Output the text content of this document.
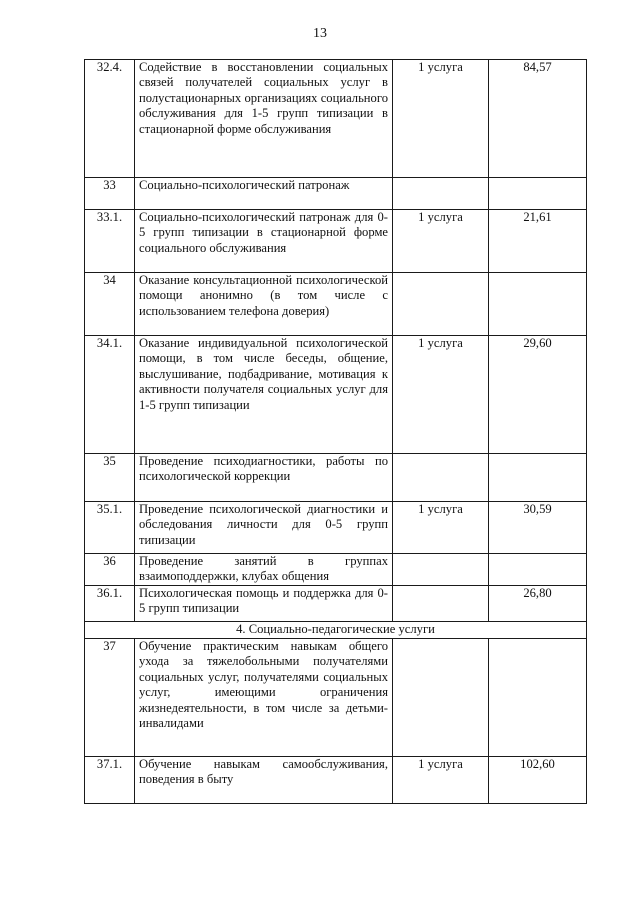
13
32.4.	Содействие в восстановлении социальных связей получателей социальных услуг в полустационарных организациях социального обслуживания для 1-5 групп типизации в стационарной форме обслуживания	1 услуга	84,57
33	Социально-психологический патронаж		
33.1.	Социально-психологический патронаж для 0-5 групп типизации в стационарной форме социального обслуживания	1 услуга	21,61
34	Оказание консультационной психологической помощи анонимно (в том числе с использованием телефона доверия)		
34.1.	Оказание индивидуальной психологической помощи, в том числе беседы, общение, выслушивание, подбадривание, мотивация к активности получателя социальных услуг для 1-5 групп типизации	1 услуга	29,60
35	Проведение психодиагностики, работы по психологической коррекции		
35.1.	Проведение психологической диагностики и обследования личности для 0-5 групп типизации	1 услуга	30,59
36	Проведение занятий в группах взаимоподдержки, клубах общения		
36.1.	Психологическая помощь и поддержка для 0-5 групп типизации		26,80
4. Социально-педагогические услуги			
37	Обучение практическим навыкам общего ухода за тяжелобольными получателями социальных услуг, получателями социальных услуг, имеющими ограничения жизнедеятельности, в том числе за детьми-инвалидами		
37.1.	Обучение навыкам самообслуживания, поведения в быту	1 услуга	102,60
